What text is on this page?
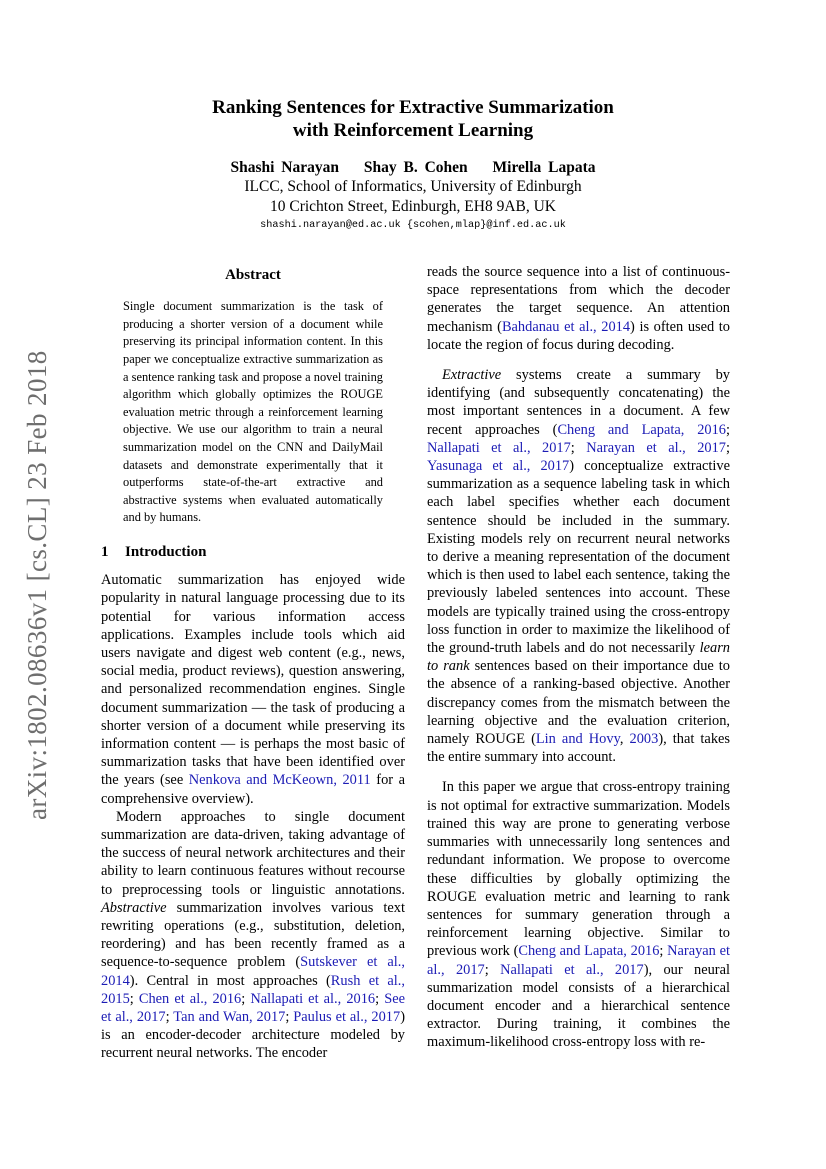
arXiv:1802.08636v1 [cs.CL] 23 Feb 2018
Ranking Sentences for Extractive Summarization
with Reinforcement Learning
Shashi Narayan Shay B. Cohen Mirella Lapata
ILCC, School of Informatics, University of Edinburgh
10 Crichton Street, Edinburgh, EH8 9AB, UK
shashi.narayan@ed.ac.uk {scohen,mlap}@inf.ed.ac.uk
Abstract
Single document summarization is the task of producing a shorter version of a document while preserving its principal information content. In this paper we conceptualize extractive summarization as a sentence ranking task and propose a novel training algorithm which globally optimizes the ROUGE evaluation metric through a reinforcement learning objective. We use our algorithm to train a neural summarization model on the CNN and DailyMail datasets and demonstrate experimentally that it outperforms state-of-the-art extractive and abstractive systems when evaluated automatically and by humans.
1 Introduction

Automatic summarization has enjoyed wide popularity in natural language processing due to its potential for various information access applications. Examples include tools which aid users navigate and digest web content (e.g., news, social media, product reviews), question answering, and personalized recommendation engines. Single document summarization — the task of producing a shorter version of a document while preserving its information content — is perhaps the most basic of summarization tasks that have been identified over the years (see Nenkova and McKeown, 2011 for a comprehensive overview).

Modern approaches to single document summarization are data-driven, taking advantage of the success of neural network architectures and their ability to learn continuous features without recourse to preprocessing tools or linguistic annotations. Abstractive summarization involves various text rewriting operations (e.g., substitution, deletion, reordering) and has been recently framed as a sequence-to-sequence problem (Sutskever et al., 2014). Central in most approaches (Rush et al., 2015; Chen et al., 2016; Nallapati et al., 2016; See et al., 2017; Tan and Wan, 2017; Paulus et al., 2017) is an encoder-decoder architecture modeled by recurrent neural networks. The encoder

reads the source sequence into a list of continuous-space representations from which the decoder generates the target sequence. An attention mechanism (Bahdanau et al., 2014) is often used to locate the region of focus during decoding.

Extractive systems create a summary by identifying (and subsequently concatenating) the most important sentences in a document. A few recent approaches (Cheng and Lapata, 2016; Nallapati et al., 2017; Narayan et al., 2017; Yasunaga et al., 2017) conceptualize extractive summarization as a sequence labeling task in which each label specifies whether each document sentence should be included in the summary. Existing models rely on recurrent neural networks to derive a meaning representation of the document which is then used to label each sentence, taking the previously labeled sentences into account. These models are typically trained using the cross-entropy loss function in order to maximize the likelihood of the ground-truth labels and do not necessarily learn to rank sentences based on their importance due to the absence of a ranking-based objective. Another discrepancy comes from the mismatch between the learning objective and the evaluation criterion, namely ROUGE (Lin and Hovy, 2003), that takes the entire summary into account.

In this paper we argue that cross-entropy training is not optimal for extractive summarization. Models trained this way are prone to generating verbose summaries with unnecessarily long sentences and redundant information. We propose to overcome these difficulties by globally optimizing the ROUGE evaluation metric and learning to rank sentences for summary generation through a reinforcement learning objective. Similar to previous work (Cheng and Lapata, 2016; Narayan et al., 2017; Nallapati et al., 2017), our neural summarization model consists of a hierarchical document encoder and a hierarchical sentence extractor. During training, it combines the maximum-likelihood cross-entropy loss with re-
